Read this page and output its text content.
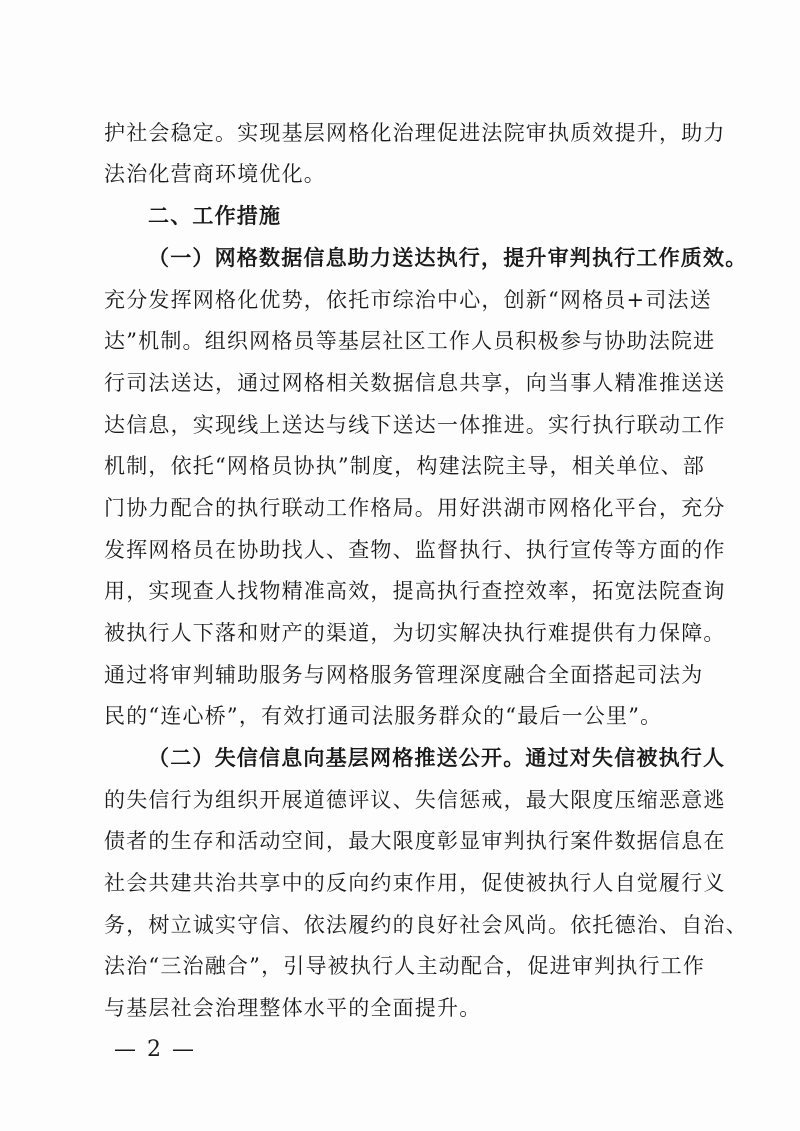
护社会稳定。实现基层网格化治理促进法院审执质效提升，助力
法治化营商环境优化。
二、工作措施
（一）网格数据信息助力送达执行，提升审判执行工作质效。
充分发挥网格化优势，依托市综治中心，创新“网格员+司法送
达”机制。组织网格员等基层社区工作人员积极参与协助法院进
行司法送达，通过网格相关数据信息共享，向当事人精准推送送
达信息，实现线上送达与线下送达一体推进。实行执行联动工作
机制，依托“网格员协执”制度，构建法院主导，相关单位、部
门协力配合的执行联动工作格局。用好洪湖市网格化平台，充分
发挥网格员在协助找人、查物、监督执行、执行宣传等方面的作
用，实现查人找物精准高效，提高执行查控效率，拓宽法院查询
被执行人下落和财产的渠道，为切实解决执行难提供有力保障。
通过将审判辅助服务与网格服务管理深度融合全面搭起司法为
民的“连心桥”，有效打通司法服务群众的“最后一公里”。
（二）失信信息向基层网格推送公开。通过对失信被执行人
的失信行为组织开展道德评议、失信惩戒，最大限度压缩恶意逃
债者的生存和活动空间，最大限度彰显审判执行案件数据信息在
社会共建共治共享中的反向约束作用，促使被执行人自觉履行义
务，树立诚实守信、依法履约的良好社会风尚。依托德治、自治、
法治“三治融合”，引导被执行人主动配合，促进审判执行工作
与基层社会治理整体水平的全面提升。
— 2 —
